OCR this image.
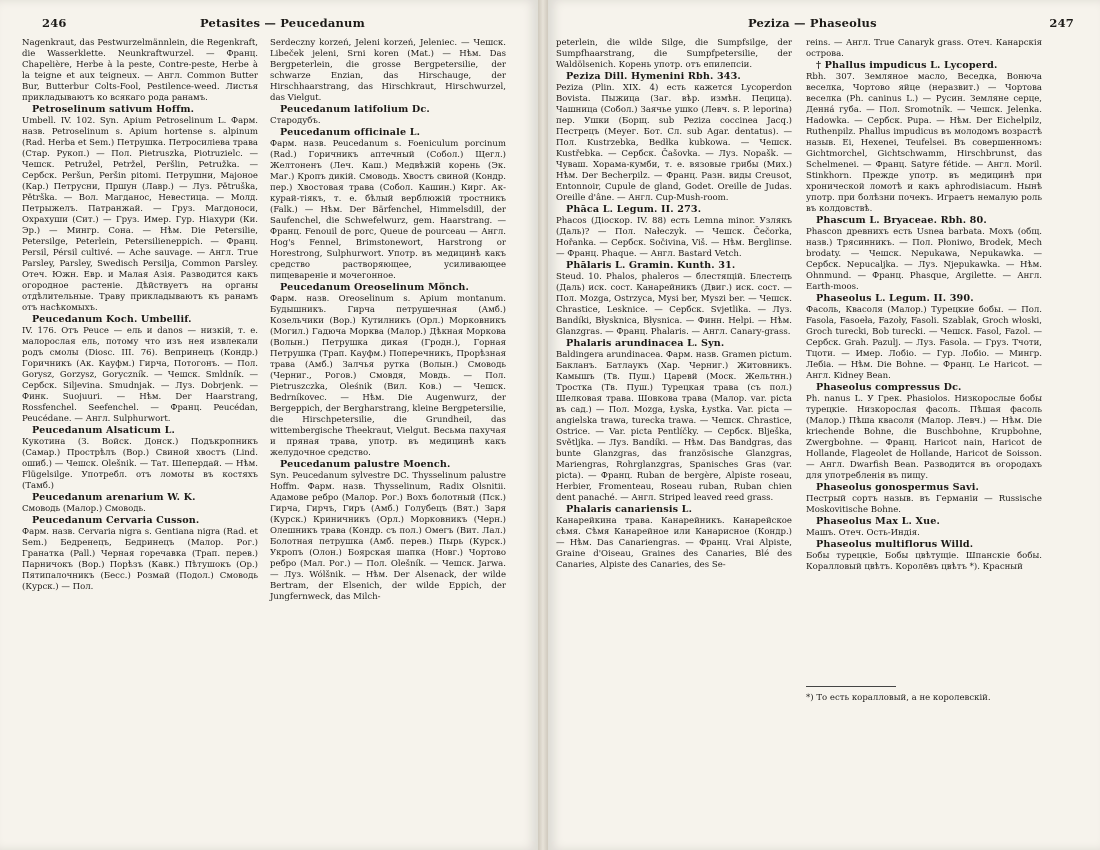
246	Petasites — Peucedanum

Nagenkraut, das Pestwurzelmännlein, die Regenkraft, die Wasserklette. Neunkraftwurzel. — Франц. Chapelière, Herbe à la peste, Contre-peste, Herbe à la teigne et aux teigneux. — Англ. Common Butter Bur, Butterbur Colts-Fool, Pestilence-weed. Листья прикладываютъ ко всякаго рода ранамъ.

Petroselinum sativum Hoffm.

Umbell. IV. 102. Syn. Apium Petroselinum L. Фарм. назв. Petroselinum s. Apium hortense s. alpinum (Rad. Herba et Sem.) Петрушка. Петросиліева трава (Стар. Рукоп.) — Пол. Pietruszka, Piotruzielc. — Чешск. Petružel, Petržel, Peršlin, Petružka. — Сербск. Peršun, Peršin pitomi. Петрушни, Мајоное (Кар.) Петрусни, Пршун (Лавр.) — Луз. Pětruška, Pětrška. — Вол. Магданос, Невестица. — Молд. Петрыжелъ. Патранжай. — Груз. Магдоноси, Охрахуши (Сит.) — Груз. Имер. Гур. Ніахури (Ки. Эр.) — Мингр. Сона. — Нѣм. Die Petersilie, Petersilge, Peterlein, Petersilieneppich. — Франц. Persil, Pérsil cultivé. — Ache sauvage. — Англ. True Parsley, Parsley, Swedisch Persilja, Common Parsley. Отеч. Южн. Евр. и Малая Азія. Разводится какъ огородное растеніе. Дѣйствуетъ на органы отдѣлительные. Траву прикладываютъ къ ранамъ отъ насѣкомыхъ.

Peucedanum Koch. Umbellif.

IV. 176. Отъ Peuce — ель и danos — низкій, т. е. малорослая ель, потому что изъ нея извлекали родъ смолы (Diosc. III. 76). Вепринецъ (Кондр.) Горичникъ (Ак. Кауфм.) Гирча, Потогонъ. — Пол. Gorysz, Gorzysz, Goryczník. — Чешск. Smldník. — Сербск. Siljevina. Smudnjak. — Луз. Dobrjenk. — Финк. Suojuuri. — Нѣм. Der Haarstrang, Rossfenchel. Seefenchel. — Франц. Peucédan, Peucédane. — Англ. Sulphurwort.

Peucedanum Alsaticum L.

Кукотина (З. Войск. Донск.) Подъкропникъ (Самар.) Прострѣлъ (Вор.) Свиной хвостъ (Lind. ошиб.) — Чешск. Olešnik. — Тат. Шепердай. — Нѣм. Flügelsilge. Употребл. отъ ломоты въ костяхъ (Тамб.)

Peucedanum arenarium W. K.

Смоводь (Малор.) Смоводь.

Peucedanum Cervaria Cusson.

Фарм. назв. Cervaria nigra s. Gentiana nigra (Rad. et Sem.) Бедренецъ, Бедринецъ (Малор. Рог.) Гранатка (Pall.) Черная горечавка (Трап. перев.) Парничокъ (Вор.) Порѣзъ (Кавк.) Пѣтушокъ (Ор.) Пятипалочникъ (Бесс.) Розмай (Подол.) Смоводь (Курск.) — Пол.

Serdeczny korzeń, Jeleni korzeń, Jeleniec. — Чешск. Libeček jeleni, Srni koren (Mat.) — Нѣм. Das Bergpeterlein, die grosse Bergpetersilie, der schwarze Enzian, das Hirschauge, der Hirschhaarstrang, das Hirschkraut, Hirschwurzel, das Vielgut.

Peucedanum latifolium Dc.

Стародубъ.

Peucedanum officinale L.

Фарм. назв. Peucedanum s. Foeniculum porcinum (Rad.) Горичникъ аптечный (Собол.) Щегл.) Желтоненъ (Леч. Каш.) Медвѣжій корень (Эк. Маг.) Кропъ дикій. Смоводь. Хвостъ свиной (Кондр. пер.) Хвостовая трава (Собол. Кашин.) Кирг. Ак-курай-тіякъ, т. е. бѣлый верблюжій тростникъ (Falk.) — Нѣм. Der Bärfenchel, Himmelsdill, der Saufenchel, die Schwefelwurz, gem. Haarstrang. — Франц. Fenouil de porc, Queue de pourceau — Англ. Hog's Fennel, Brimstonewort, Harstrong or Horestrong, Sulphurwort. Употр. въ медицинѣ какъ средство растворяющее, усиливающее пищевареніе и мочегонное.

Peucedanum Oreoselinum Mönch.

Фарм. назв. Oreoselinum s. Apium montanum. Будышникъ. Гирча петрушечная (Амб.) Козельчики (Вор.) Кутилникъ (Орл.) Морковникъ (Могил.) Гадюча Морква (Малор.) Дѣкная Моркова (Волын.) Петрушка дикая (Гродн.), Горная Петрушка (Трап. Кауфм.) Поперечникъ, Прорѣзная трава (Амб.) Залчья рутка (Волын.) Смоводь (Черниг., Рогов.) Смовдя, Мовдь. — Пол. Pietruszczka, Oleśnik (Вил. Ков.) — Чешск. Bedrníkovec. — Нѣм. Die Augenwurz, der Bergeppich, der Bergharstrang, kleine Bergpetersilie, die Hirschpetersilie, die Grundheil, das wittembergische Theekraut, Vielgut. Весьма пахучая и пряная трава, употр. въ медицинѣ какъ желудочное средство.

Peucedanum palustre Moench.

Syn. Peucedanum sylvestre DC. Thysselinum palustre Hoffm. Фарм. назв. Thysselinum, Radix Olsnitii. Адамове ребро (Малор. Рог.) Вохъ болотный (Пск.) Гирча, Гирчъ, Гиръ (Амб.) Голубецъ (Вят.) Заря (Курск.) Криничникъ (Орл.) Морковникъ (Черн.) Олешникъ трава (Кондр. съ пол.) Омегъ (Вит. Лал.) Болотная петрушка (Амб. перев.) Пырь (Курск.) Укропъ (Олон.) Боярская шапка (Новг.) Чортово ребро (Мал. Рог.) — Пол. Olešník. — Чешск. Jarwa. — Луз. Wólšnik. — Нѣм. Der Alsenack, der wilde Bertram, der Elsenich, der wilde Eppich, der Jungfernweck, das Milch-

Peziza — Phaseolus	247

peterlein, die wilde Silge, die Sumpfsilge, der Sumpfhaarstrang, die Sumpfpetersilie, der Waldölsenich. Корень употр. отъ епилепсіи.

Peziza Dill. Hymenini Rbh. 343.

Peziza (Plin. XIX. 4) есть кажется Lycoperdon Bovista. Пыжица (Заг. вѣр. измѣн. Пецица). Чашница (Собол.) Заячье ушко (Левч. s. P. leporina) пер. Ушки (Борщ. sub Peziza coccinea Jacq.) Пестрецъ (Меуег. Бот. Сл. sub Agar. dentatus). — Пол. Kustrzebka, Bedłka kubkowa. — Чешск. Kustřebka. — Сербск. Čašovka. — Луз. Nopašk. — Чуваш. Хорама-кумби, т. е. вязовые грибы (Мих.) Нѣм. Der Becherpilz. — Франц. Разн. виды Creusot, Entonnoir, Cupule de gland, Godet. Oreille de Judas. Oreille d'âne. — Англ. Cup-Mush-room.

Phāca L. Legum. II. 273.

Phacos (Діоскор. IV. 88) есть Lemna minor. Узлякъ (Даль)? — Пол. Nałeczyk. — Чешск. Čečorka, Hořanka. — Сербск. Sočivina, Viš. — Нѣм. Bergliпsе. — Франц. Phaque. — Англ. Bastard Vetch.

Phālaris L. Gramin. Kunth. 31.

Steud. 10. Phalos, phaleros — блестящій. Блестецъ (Даль) иск. сост. Канарейникъ (Двиг.) иск. сост. — Пол. Mozga, Ostrzyca, Mysi ber, Myszi ber. — Чешск. Chrastice, Lesknice. — Сербск. Svjetlika. — Луз. Bandíki, Błysknica, Błysnica. — Финн. Helpi. — Нѣм. Glanzgras. — Франц. Phalaris. — Англ. Canary-grass.

Phalaris arundinacea L. Syn.

Baldingera arundinacea. Фарм. назв. Gramen pictum. Бакланъ. Батлаукъ (Хар. Черниг.) Житовникъ. Камышъ (Тв. Пуш.) Царевй (Моск. Жельтнн.) Тростка (Тв. Пуш.) Турецкая трава (съ пол.) Шелковая трава. Шовкова трава (Малор. var. picta въ сад.) — Пол. Mozga, Łyska, Łystka. Var. picta — angielska trawa, turecka trawa. — Чешск. Chrastice, Ostrice. — Var. picta Pentlíčky. — Сербск. Blješka, Světljka. — Луз. Bandíki. — Нѣм. Das Bandgras, das bunte Glanzgras, das französische Glanzgras, Mariengras, Rohrglanzgras, Spanisches Gras (var. picta). — Франц. Ruban de bergère, Alpiste roseau, Herbier, Fromenteau, Roseau ruban, Ruban chien dent panaché. — Англ. Striped leaved reed grass.

Phalaris canariensis L.

Канарейкина трава. Канарейникъ. Канарейское сѣмя. Сѣмя Канарейное или Канарисное (Кондр.) — Нѣм. Das Canariengras. — Франц. Vrai Alpiste, Graine d'Oiseau, Graines des Canaries, Blé des Canaries, Alpiste des Canaries, des Se-

reins. — Англ. True Canaryk grass. Отеч. Канарскія острова.

† Phallus impudicus L. Lycoperd.

Rbh. 307. Земляное масло, Веседка, Вонюча веселка, Чортово яйце (неразвит.) — Чортова веселка (Ph. caninus L.) — Русин. Земляне серце, Деннá губа. — Пол. Sromotník. — Чешск. Jelenka. Hadowka. — Сербск. Рupa. — Нѣм. Der Eichelpilz, Ruthenpilz. Phallus impudicus въ молодомъ возрастѣ назыв. Ei, Hexenei, Teufelsei. Въ совершенномъ: Gichtmorchel, Gichtschwamm, Hirschbrunst, das Schelmenei. — Франц. Satyre fétide. — Англ. Moril. Stinkhorn. Прежде употр. въ медицинѣ при хронической ломотѣ и какъ aphrodisiacum. Нынѣ употр. при болѣзни почекъ. Играетъ немалую роль въ колдовствѣ.

Phascum L. Bryaceae. Rbh. 80.

Phascon древнихъ есть Usnea barbata. Мохъ (общ. назв.) Трясинникъ. — Пол. Płoniwo, Brodek, Mech brodaty. — Чешск. Nepukawa, Nepukawka. — Сербск. Nepucaljka. — Луз. Njepukawka. — Нѣм. Ohnmund. — Франц. Phasque, Argilette. — Англ. Earth-moos.

Phaseolus L. Legum. II. 390.

Фасоль, Квасоля (Малор.) Турецкие бобы. — Пол. Fasola, Fasoeła, Fazoły, Fasoli. Szablak, Groch włoski, Groch turecki, Bob turecki. — Чешск. Fasol, Fazol. — Сербск. Grah. Pazulj. — Луз. Fasola. — Груз. Тчоти, Тцоти. — Имер. Лобіо. — Гур. Лобіо. — Мингр. Лебіа. — Нѣм. Die Bohne. — Франц. Le Haricot. — Англ. Kidney Bean.

Phaseolus compressus Dc.

Ph. nanus L. У Грек. Phasiolos. Низкорослые бобы турецкіе. Низкорослая фасоль. Пѣшая фасоль (Малор.) Пѣша квасоля (Малор. Левч.) — Нѣм. Die kriechende Bohne, die Buschbohne, Krupbohne, Zwergbohne. — Франц. Haricot nain, Haricot de Hollande, Flageolet de Hollande, Haricot de Soisson. — Англ. Dwarfish Bean. Разводится въ огородахъ для употребленія въ пищу.

Phaseolus gonospermus Savi.

Пестрый сортъ назыв. въ Германіи — Russische Moskovitische Bohne.

Phaseolus Max L. Xue.

Машъ. Отеч. Ость-Индія.

Phaseolus multiflorus Willd.

Бобы турецкіе, Бобы цвѣтущіе. Шпанскіе бобы. Коралловый цвѣтъ. Королёвъ цвѣтъ *). Красный

*) То есть коралловый, а не королевскій.
